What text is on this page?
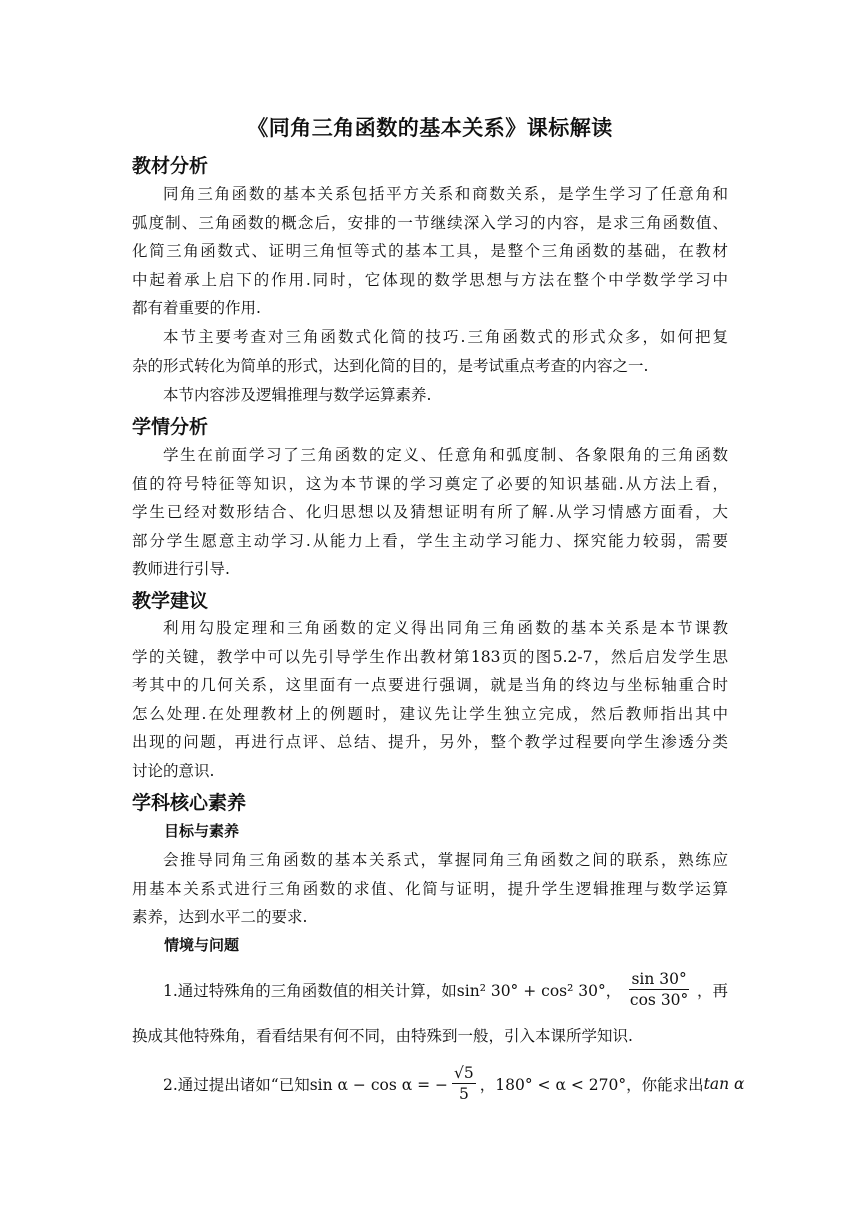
《同角三角函数的基本关系》课标解读
教材分析
同角三角函数的基本关系包括平方关系和商数关系，是学生学习了任意角和
弧度制、三角函数的概念后，安排的一节继续深入学习的内容，是求三角函数值、
化简三角函数式、证明三角恒等式的基本工具，是整个三角函数的基础，在教材
中起着承上启下的作用.同时，它体现的数学思想与方法在整个中学数学学习中
都有着重要的作用.
本节主要考查对三角函数式化简的技巧.三角函数式的形式众多，如何把复
杂的形式转化为简单的形式，达到化简的目的，是考试重点考查的内容之一.
本节内容涉及逻辑推理与数学运算素养.
学情分析
学生在前面学习了三角函数的定义、任意角和弧度制、各象限角的三角函数
值的符号特征等知识，这为本节课的学习奠定了必要的知识基础.从方法上看，
学生已经对数形结合、化归思想以及猜想证明有所了解.从学习情感方面看，大
部分学生愿意主动学习.从能力上看，学生主动学习能力、探究能力较弱，需要
教师进行引导.
教学建议
利用勾股定理和三角函数的定义得出同角三角函数的基本关系是本节课教
学的关键，教学中可以先引导学生作出教材第183页的图5.2-7，然后启发学生思
考其中的几何关系，这里面有一点要进行强调，就是当角的终边与坐标轴重合时
怎么处理.在处理教材上的例题时，建议先让学生独立完成，然后教师指出其中
出现的问题，再进行点评、总结、提升，另外，整个教学过程要向学生渗透分类
讨论的意识.
学科核心素养
目标与素养
会推导同角三角函数的基本关系式，掌握同角三角函数之间的联系，熟练应
用基本关系式进行三角函数的求值、化简与证明，提升学生逻辑推理与数学运算
素养，达到水平二的要求.
情境与问题
1.通过特殊角的三角函数值的相关计算，如sin² 30° + cos² 30°， $\frac{\sin 30^\circ}{\cos 30^\circ}$ ，再
换成其他特殊角，看看结果有何不同，由特殊到一般，引入本课所学知识.
2.通过提出诸如“已知sin α − cos α = − $\frac{√5}{5}$ ，180° < α < 270°，你能求出 tan α
